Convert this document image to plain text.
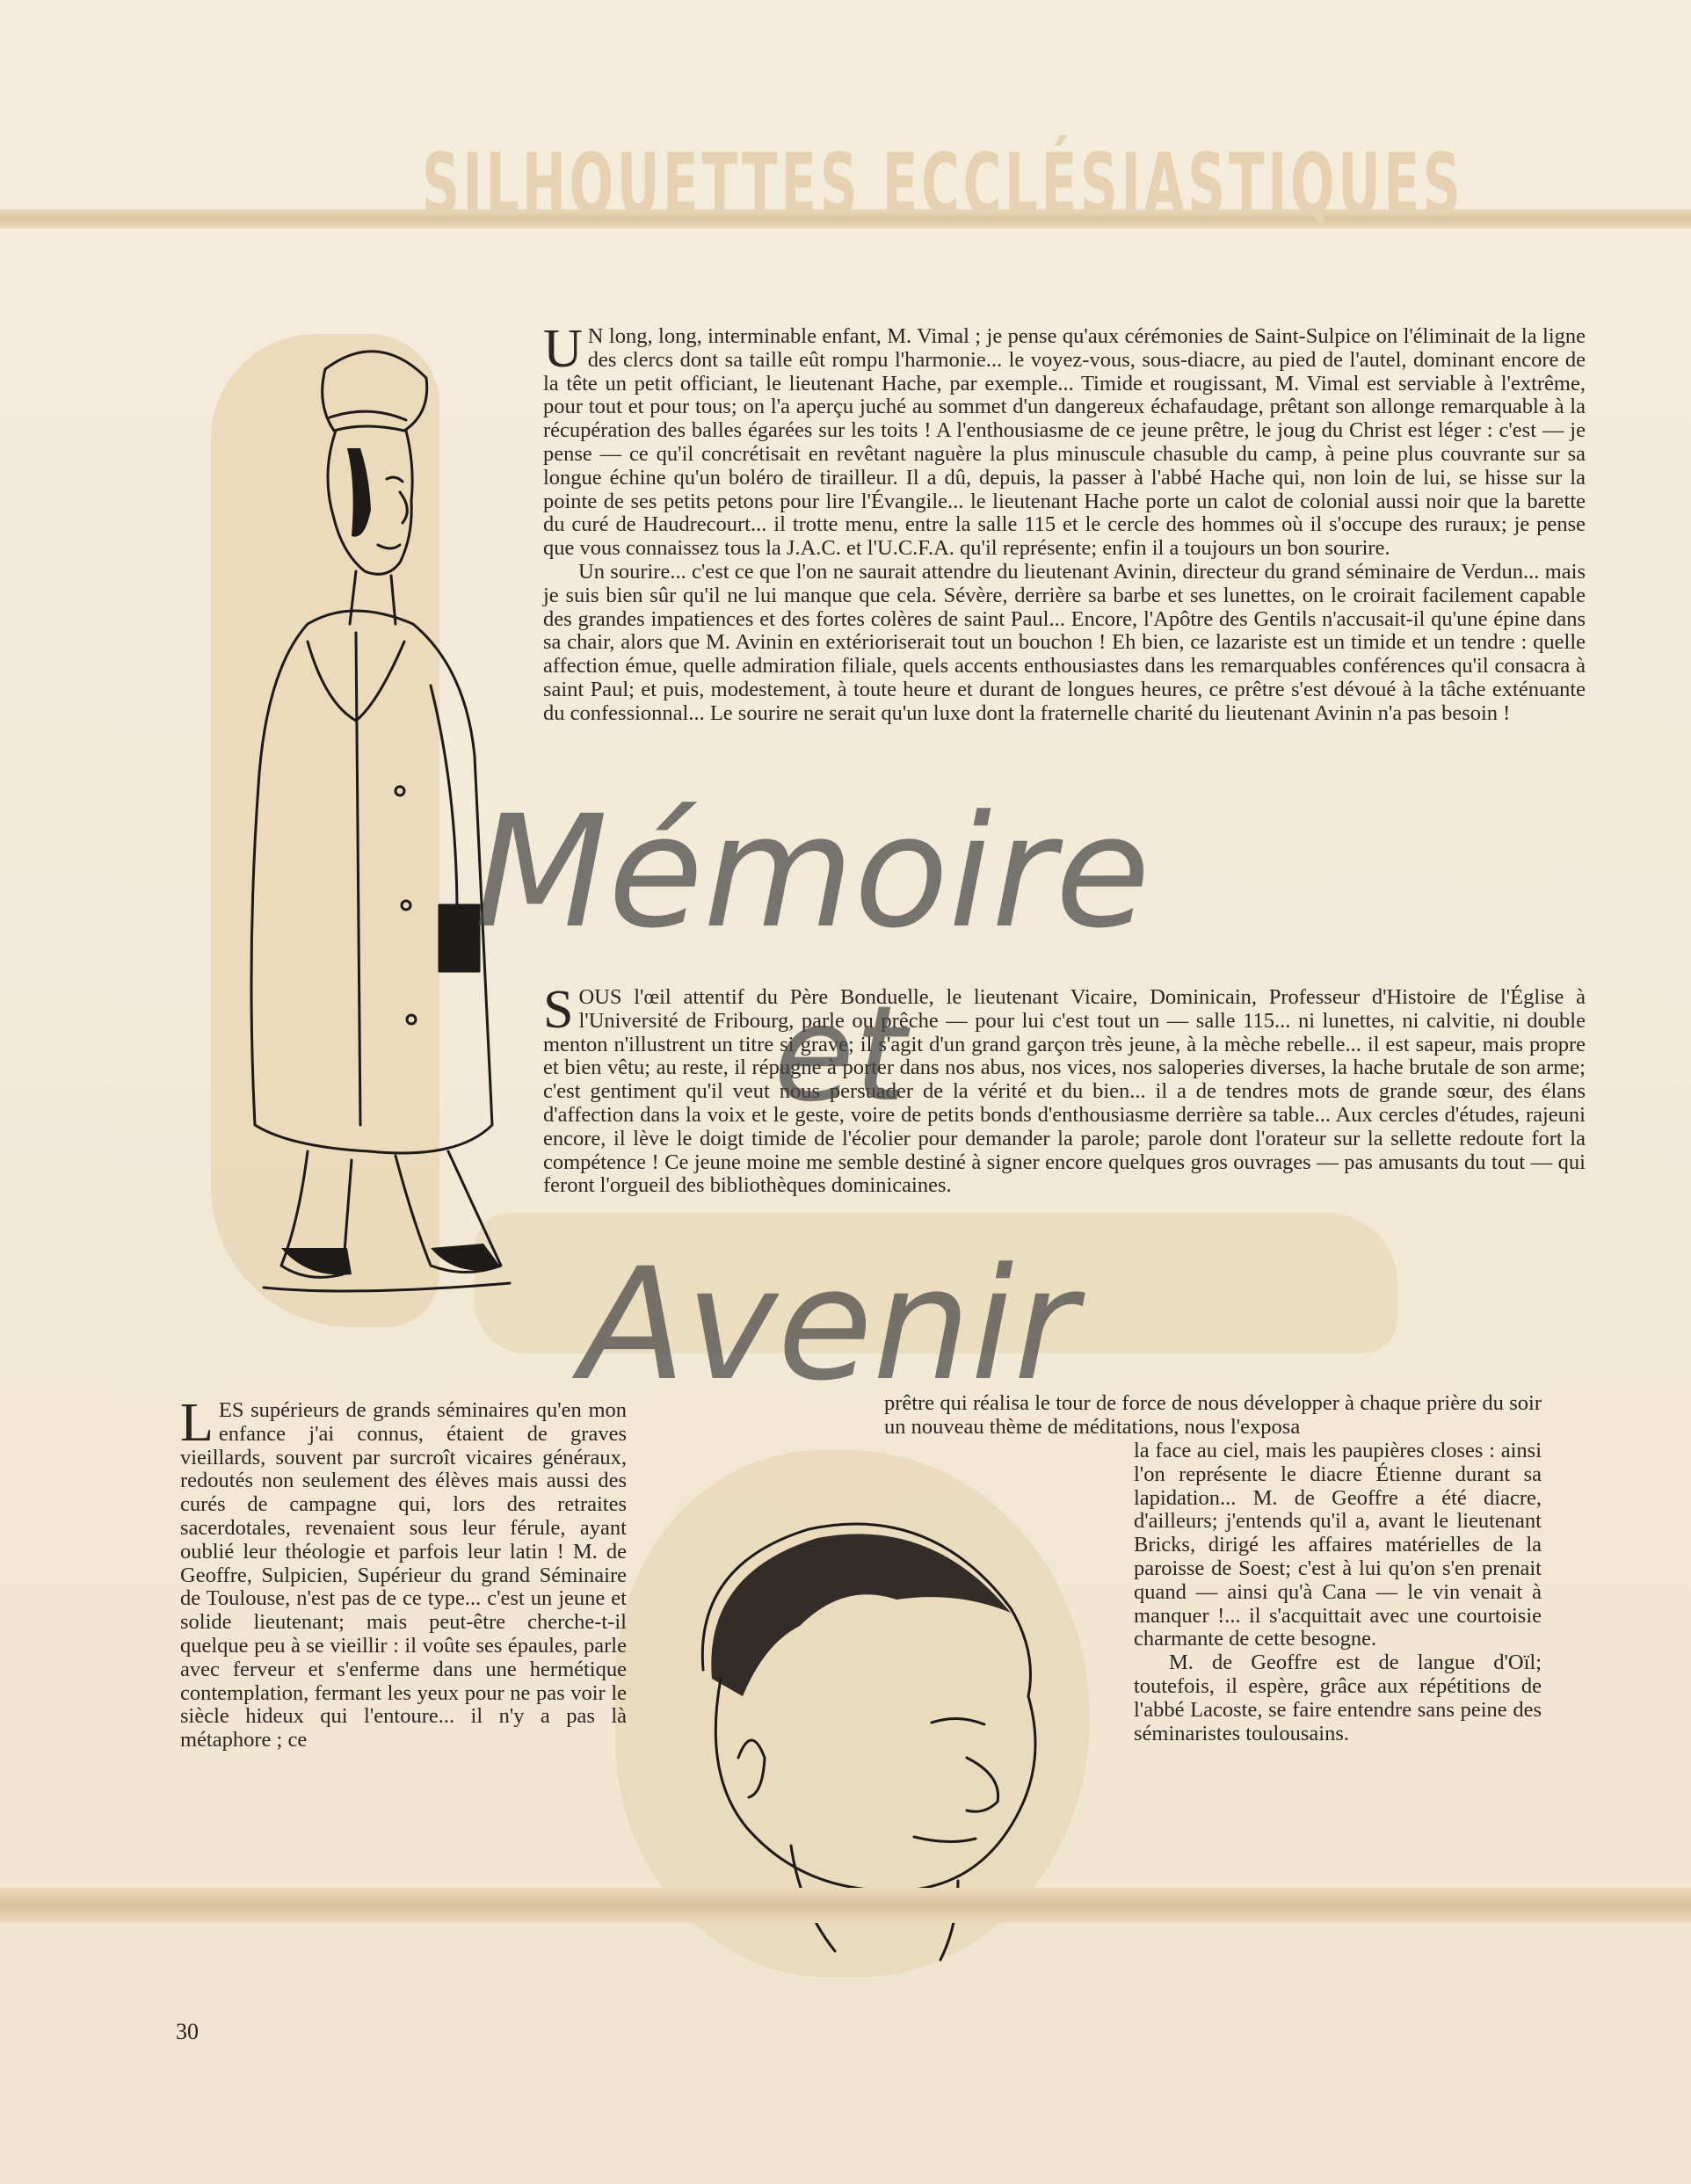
SILHOUETTES ECCLÉSIASTIQUES

U N long, long, interminable enfant, M. Vimal ; je pense qu'aux cérémonies de Saint-Sulpice on l'éliminait de la ligne des clercs dont sa taille eût rompu l'harmonie... le voyez-vous, sous-diacre, au pied de l'autel, dominant encore de la tête un petit officiant, le lieutenant Hache, par exemple... Timide et rougissant, M. Vimal est serviable à l'extrême, pour tout et pour tous; on l'a aperçu juché au sommet d'un dangereux échafaudage, prêtant son allonge remarquable à la récupération des balles égarées sur les toits ! A l'enthousiasme de ce jeune prêtre, le joug du Christ est léger : c'est — je pense — ce qu'il concrétisait en revêtant naguère la plus minuscule chasuble du camp, à peine plus couvrante sur sa longue échine qu'un boléro de tirailleur. Il a dû, depuis, la passer à l'abbé Hache qui, non loin de lui, se hisse sur la pointe de ses petits petons pour lire l'Évangile... le lieutenant Hache porte un calot de colonial aussi noir que la barette du curé de Haudrecourt... il trotte menu, entre la salle 115 et le cercle des hommes où il s'occupe des ruraux; je pense que vous connaissez tous la J.A.C. et l'U.C.F.A. qu'il représente; enfin il a toujours un bon sourire.

Un sourire... c'est ce que l'on ne saurait attendre du lieutenant Avinin, directeur du grand séminaire de Verdun... mais je suis bien sûr qu'il ne lui manque que cela. Sévère, derrière sa barbe et ses lunettes, on le croirait facilement capable des grandes impatiences et des fortes colères de saint Paul... Encore, l'Apôtre des Gentils n'accusait-il qu'une épine dans sa chair, alors que M. Avinin en extérioriserait tout un bouchon ! Eh bien, ce lazariste est un timide et un tendre : quelle affection émue, quelle admiration filiale, quels accents enthousiastes dans les remarquables conférences qu'il consacra à saint Paul; et puis, modestement, à toute heure et durant de longues heures, ce prêtre s'est dévoué à la tâche exténuante du confessionnal... Le sourire ne serait qu'un luxe dont la fraternelle charité du lieutenant Avinin n'a pas besoin !

SOUS l'œil attentif du Père Bonduelle, le lieutenant Vicaire, Dominicain, Professeur d'Histoire de l'Église à l'Université de Fribourg, parle ou prêche — pour lui c'est tout un — salle 115... ni lunettes, ni calvitie, ni double menton n'illustrent un titre si grave; il s'agit d'un grand garçon très jeune, à la mèche rebelle... il est sapeur, mais propre et bien vêtu; au reste, il répugne à porter dans nos abus, nos vices, nos saloperies diverses, la hache brutale de son arme; c'est gentiment qu'il veut nous persuader de la vérité et du bien... il a de tendres mots de grande sœur, des élans d'affection dans la voix et le geste, voire de petits bonds d'enthousiasme derrière sa table... Aux cercles d'études, rajeuni encore, il lève le doigt timide de l'écolier pour demander la parole; parole dont l'orateur sur la sellette redoute fort la compétence ! Ce jeune moine me semble destiné à signer encore quelques gros ouvrages — pas amusants du tout — qui feront l'orgueil des bibliothèques dominicaines.

LES supérieurs de grands séminaires qu'en mon enfance j'ai connus, étaient de graves vieillards, souvent par surcroît vicaires généraux, redoutés non seulement des élèves mais aussi des curés de campagne qui, lors des retraites sacerdotales, revenaient sous leur férule, ayant oublié leur théologie et parfois leur latin ! M. de Geoffre, Sulpicien, Supérieur du grand Séminaire de Toulouse, n'est pas de ce type... c'est un jeune et solide lieutenant; mais peut-être cherche-t-il quelque peu à se vieillir : il voûte ses épaules, parle avec ferveur et s'enferme dans une hermétique contemplation, fermant les yeux pour ne pas voir le siècle hideux qui l'entoure... il n'y a pas là métaphore ; ce

prêtre qui réalisa le tour de force de nous développer à chaque prière du soir un nouveau thème de méditations, nous l'exposa

la face au ciel, mais les paupières closes : ainsi l'on représente le diacre Étienne durant sa lapidation... M. de Geoffre a été diacre, d'ailleurs; j'entends qu'il a, avant le lieutenant Bricks, dirigé les affaires matérielles de la paroisse de Soest; c'est à lui qu'on s'en prenait quand — ainsi qu'à Cana — le vin venait à manquer !... il s'acquittait avec une courtoisie charmante de cette besogne.

M. de Geoffre est de langue d'Oïl; toutefois, il espère, grâce aux répétitions de l'abbé Lacoste, se faire entendre sans peine des séminaristes toulousains.

Mémoire
et
Avenir
30
